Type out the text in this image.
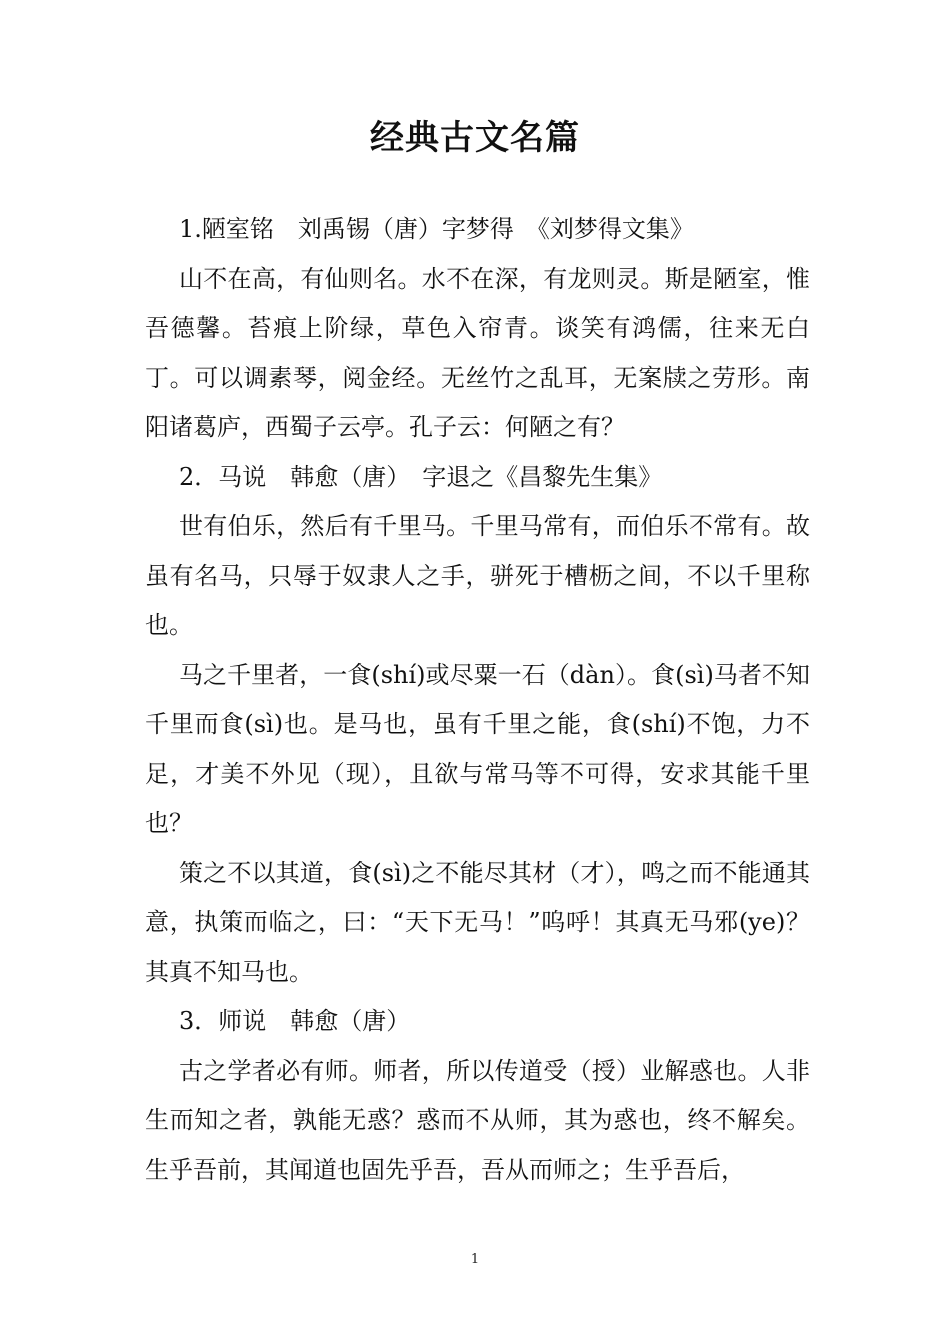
经典古文名篇

1.陋室铭　刘禹锡（唐）字梦得　《刘梦得文集》

山不在高，有仙则名。水不在深，有龙则灵。斯是陋室，惟吾德馨。苔痕上阶绿，草色入帘青。谈笑有鸿儒，往来无白丁。可以调素琴，阅金经。无丝竹之乱耳，无案牍之劳形。南阳诸葛庐，西蜀子云亭。孔子云：何陋之有？

2．马说　韩愈（唐）　字退之《昌黎先生集》

世有伯乐，然后有千里马。千里马常有，而伯乐不常有。故虽有名马，只辱于奴隶人之手，骈死于槽枥之间，不以千里称也。

马之千里者，一食(shí)或尽粟一石（dàn）。食(sì)马者不知千里而食(sì)也。是马也，虽有千里之能，食(shí)不饱，力不足，才美不外见（现），且欲与常马等不可得，安求其能千里也？

策之不以其道，食(sì)之不能尽其材（才），鸣之而不能通其意，执策而临之，曰：“天下无马！”呜呼！其真无马邪(ye)？其真不知马也。

3．师说　韩愈（唐）

古之学者必有师。师者，所以传道受（授）业解惑也。人非生而知之者，孰能无惑？惑而不从师，其为惑也，终不解矣。生乎吾前，其闻道也固先乎吾，吾从而师之；生乎吾后，

1
